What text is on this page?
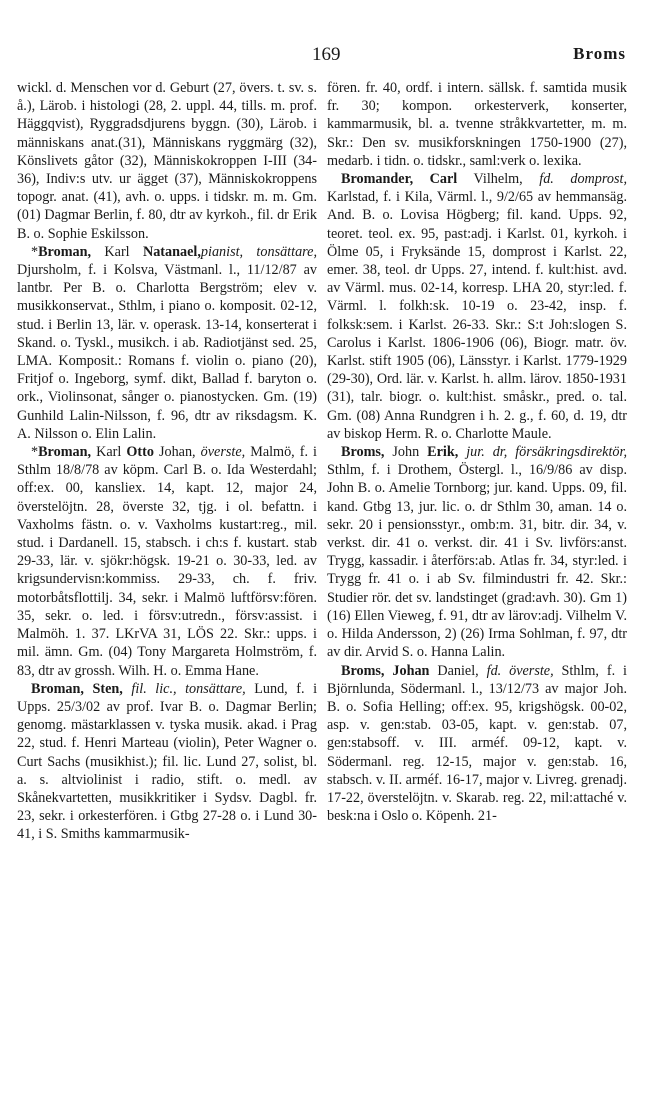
169	Broms

wickl. d. Menschen vor d. Geburt (27, övers. t. sv. s. å.), Lärob. i histologi (28, 2. uppl. 44, tills. m. prof. Häggqvist), Ryggradsdjurens byggn. (30), Lärob. i människans anat.(31), Människans ryggmärg (32), Könslivets gåtor (32), Människokroppen I-III (34-36), Indiv:s utv. ur ägget (37), Människokroppens topogr. anat. (41), avh. o. upps. i tidskr. m. m. Gm. (01) Dagmar Berlin, f. 80, dtr av kyrkoh., fil. dr Erik B. o. Sophie Eskilsson.

*Broman, Karl Natanael,pianist, tonsättare, Djursholm, f. i Kolsva, Västmanl. l., 11/12/87 av lantbr. Per B. o. Charlotta Bergström; elev v. musikkonservat., Sthlm, i piano o. komposit. 02-12, stud. i Berlin 13, lär. v. operask. 13-14, konserterat i Skand. o. Tyskl., musikch. i ab. Radiotjänst sed. 25, LMA. Komposit.: Romans f. violin o. piano (20), Fritjof o. Ingeborg, symf. dikt, Ballad f. baryton o. ork., Violinsonat, sånger o. pianostycken. Gm. (19) Gunhild Lalin-Nilsson, f. 96, dtr av riksdagsm. K. A. Nilsson o. Elin Lalin.

*Broman, Karl Otto Johan, överste, Malmö, f. i Sthlm 18/8/78 av köpm. Carl B. o. Ida Westerdahl; off:ex. 00, kansliex. 14, kapt. 12, major 24, överstelöjtn. 28, överste 32, tjg. i ol. befattn. i Vaxholms fästn. o. v. Vaxholms kustart:reg., mil. stud. i Dardanell. 15, stabsch. i ch:s f. kustart. stab 29-33, lär. v. sjökr:högsk. 19-21 o. 30-33, led. av krigsundervisn:kommiss. 29-33, ch. f. friv. motorbåtsflottilj. 34, sekr. i Malmö luftförsv:fören. 35, sekr. o. led. i försv:utredn., försv:assist. i Malmöh. 1. 37. LKrVA 31, LÖS 22. Skr.: upps. i mil. ämn. Gm. (04) Tony Margareta Holmström, f. 83, dtr av grossh. Wilh. H. o. Emma Hane.

Broman, Sten, fil. lic., tonsättare, Lund, f. i Upps. 25/3/02 av prof. Ivar B. o. Dagmar Berlin; genomg. mästarklassen v. tyska musik. akad. i Prag 22, stud. f. Henri Marteau (violin), Peter Wagner o. Curt Sachs (musikhist.); fil. lic. Lund 27, solist, bl. a. s. altviolinist i radio, stift. o. medl. av Skånekvartetten, musikkritiker i Sydsv. Dagbl. fr. 23, sekr. i orkesterfören. i Gtbg 27-28 o. i Lund 30-41, i S. Smiths kammarmusik-

fören. fr. 40, ordf. i intern. sällsk. f. samtida musik fr. 30; kompon. orkesterverk, konserter, kammarmusik, bl. a. tvenne stråkkvartetter, m. m. Skr.: Den sv. musikforskningen 1750-1900 (27), medarb. i tidn. o. tidskr., saml:verk o. lexika.

Bromander, Carl Vilhelm, fd. domprost, Karlstad, f. i Kila, Värml. l., 9/2/65 av hemmansäg. And. B. o. Lovisa Högberg; fil. kand. Upps. 92, teoret. teol. ex. 95, past:adj. i Karlst. 01, kyrkoh. i Ölme 05, i Fryksände 15, domprost i Karlst. 22, emer. 38, teol. dr Upps. 27, intend. f. kult:hist. avd. av Värml. mus. 02-14, korresp. LHA 20, styr:led. f. Värml. l. folkh:sk. 10-19 o. 23-42, insp. f. folksk:sem. i Karlst. 26-33. Skr.: S:t Joh:slogen S. Carolus i Karlst. 1806-1906 (06), Biogr. matr. öv. Karlst. stift 1905 (06), Länsstyr. i Karlst. 1779-1929 (29-30), Ord. lär. v. Karlst. h. allm. lärov. 1850-1931 (31), talr. biogr. o. kult:hist. småskr., pred. o. tal. Gm. (08) Anna Rundgren i h. 2. g., f. 60, d. 19, dtr av biskop Herm. R. o. Charlotte Maule.

Broms, John Erik, jur. dr, försäkringsdirektör, Sthlm, f. i Drothem, Östergl. l., 16/9/86 av disp. John B. o. Amelie Tornborg; jur. kand. Upps. 09, fil. kand. Gtbg 13, jur. lic. o. dr Sthlm 30, aman. 14 o. sekr. 20 i pensionsstyr., omb:m. 31, bitr. dir. 34, v. verkst. dir. 41 o. verkst. dir. 41 i Sv. livförs:anst. Trygg, kassadir. i återförs:ab. Atlas fr. 34, styr:led. i Trygg fr. 41 o. i ab Sv. filmindustri fr. 42. Skr.: Studier rör. det sv. landstinget (grad:avh. 30). Gm 1) (16) Ellen Vieweg, f. 91, dtr av lärov:adj. Vilhelm V. o. Hilda Andersson, 2) (26) Irma Sohlman, f. 97, dtr av dir. Arvid S. o. Hanna Lalin.

Broms, Johan Daniel, fd. överste, Sthlm, f. i Björnlunda, Södermanl. l., 13/12/73 av major Joh. B. o. Sofia Helling; off:ex. 95, krigshögsk. 00-02, asp. v. gen:stab. 03-05, kapt. v. gen:stab. 07, gen:stabsoff. v. III. arméf. 09-12, kapt. v. Södermanl. reg. 12-15, major v. gen:stab. 16, stabsch. v. II. arméf. 16-17, major v. Livreg. grenadj. 17-22, överstelöjtn. v. Skarab. reg. 22, mil:attaché v. besk:na i Oslo o. Köpenh. 21-
